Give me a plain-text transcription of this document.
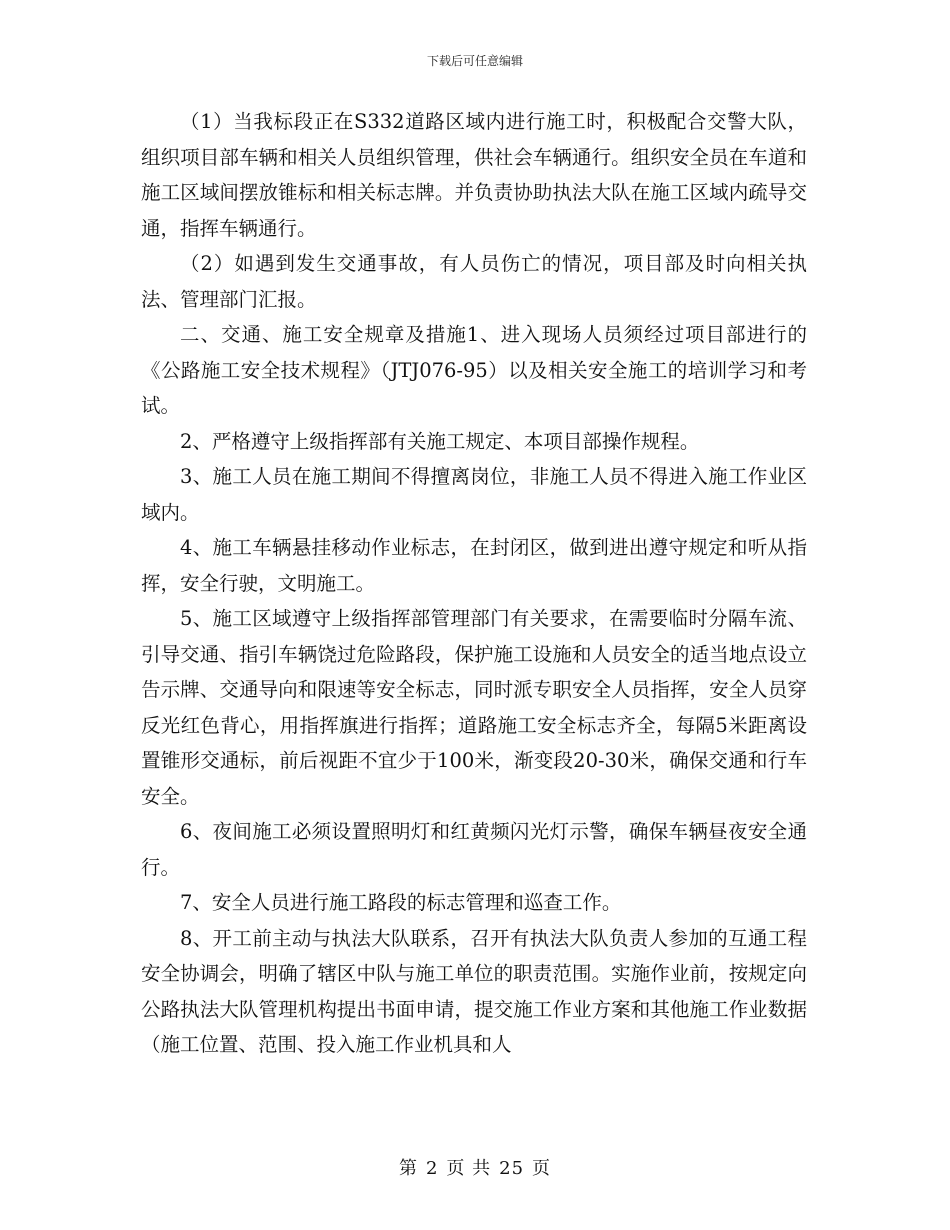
下载后可任意编辑

（1）当我标段正在S332道路区域内进行施工时，积极配合交警大队，组织项目部车辆和相关人员组织管理，供社会车辆通行。组织安全员在车道和施工区域间摆放锥标和相关标志牌。并负责协助执法大队在施工区域内疏导交通，指挥车辆通行。

（2）如遇到发生交通事故，有人员伤亡的情况，项目部及时向相关执法、管理部门汇报。

二、交通、施工安全规章及措施1、进入现场人员须经过项目部进行的《公路施工安全技术规程》（JTJ076-95）以及相关安全施工的培训学习和考试。

2、严格遵守上级指挥部有关施工规定、本项目部操作规程。

3、施工人员在施工期间不得擅离岗位，非施工人员不得进入施工作业区域内。

4、施工车辆悬挂移动作业标志，在封闭区，做到进出遵守规定和听从指挥，安全行驶，文明施工。

5、施工区域遵守上级指挥部管理部门有关要求，在需要临时分隔车流、引导交通、指引车辆饶过危险路段，保护施工设施和人员安全的适当地点设立告示牌、交通导向和限速等安全标志，同时派专职安全人员指挥，安全人员穿反光红色背心，用指挥旗进行指挥；道路施工安全标志齐全，每隔5米距离设置锥形交通标，前后视距不宜少于100米，渐变段20-30米，确保交通和行车安全。

6、夜间施工必须设置照明灯和红黄频闪光灯示警，确保车辆昼夜安全通行。

7、安全人员进行施工路段的标志管理和巡查工作。

8、开工前主动与执法大队联系，召开有执法大队负责人参加的互通工程安全协调会，明确了辖区中队与施工单位的职责范围。实施作业前，按规定向公路执法大队管理机构提出书面申请，提交施工作业方案和其他施工作业数据（施工位置、范围、投入施工作业机具和人

第 2 页 共 25 页
